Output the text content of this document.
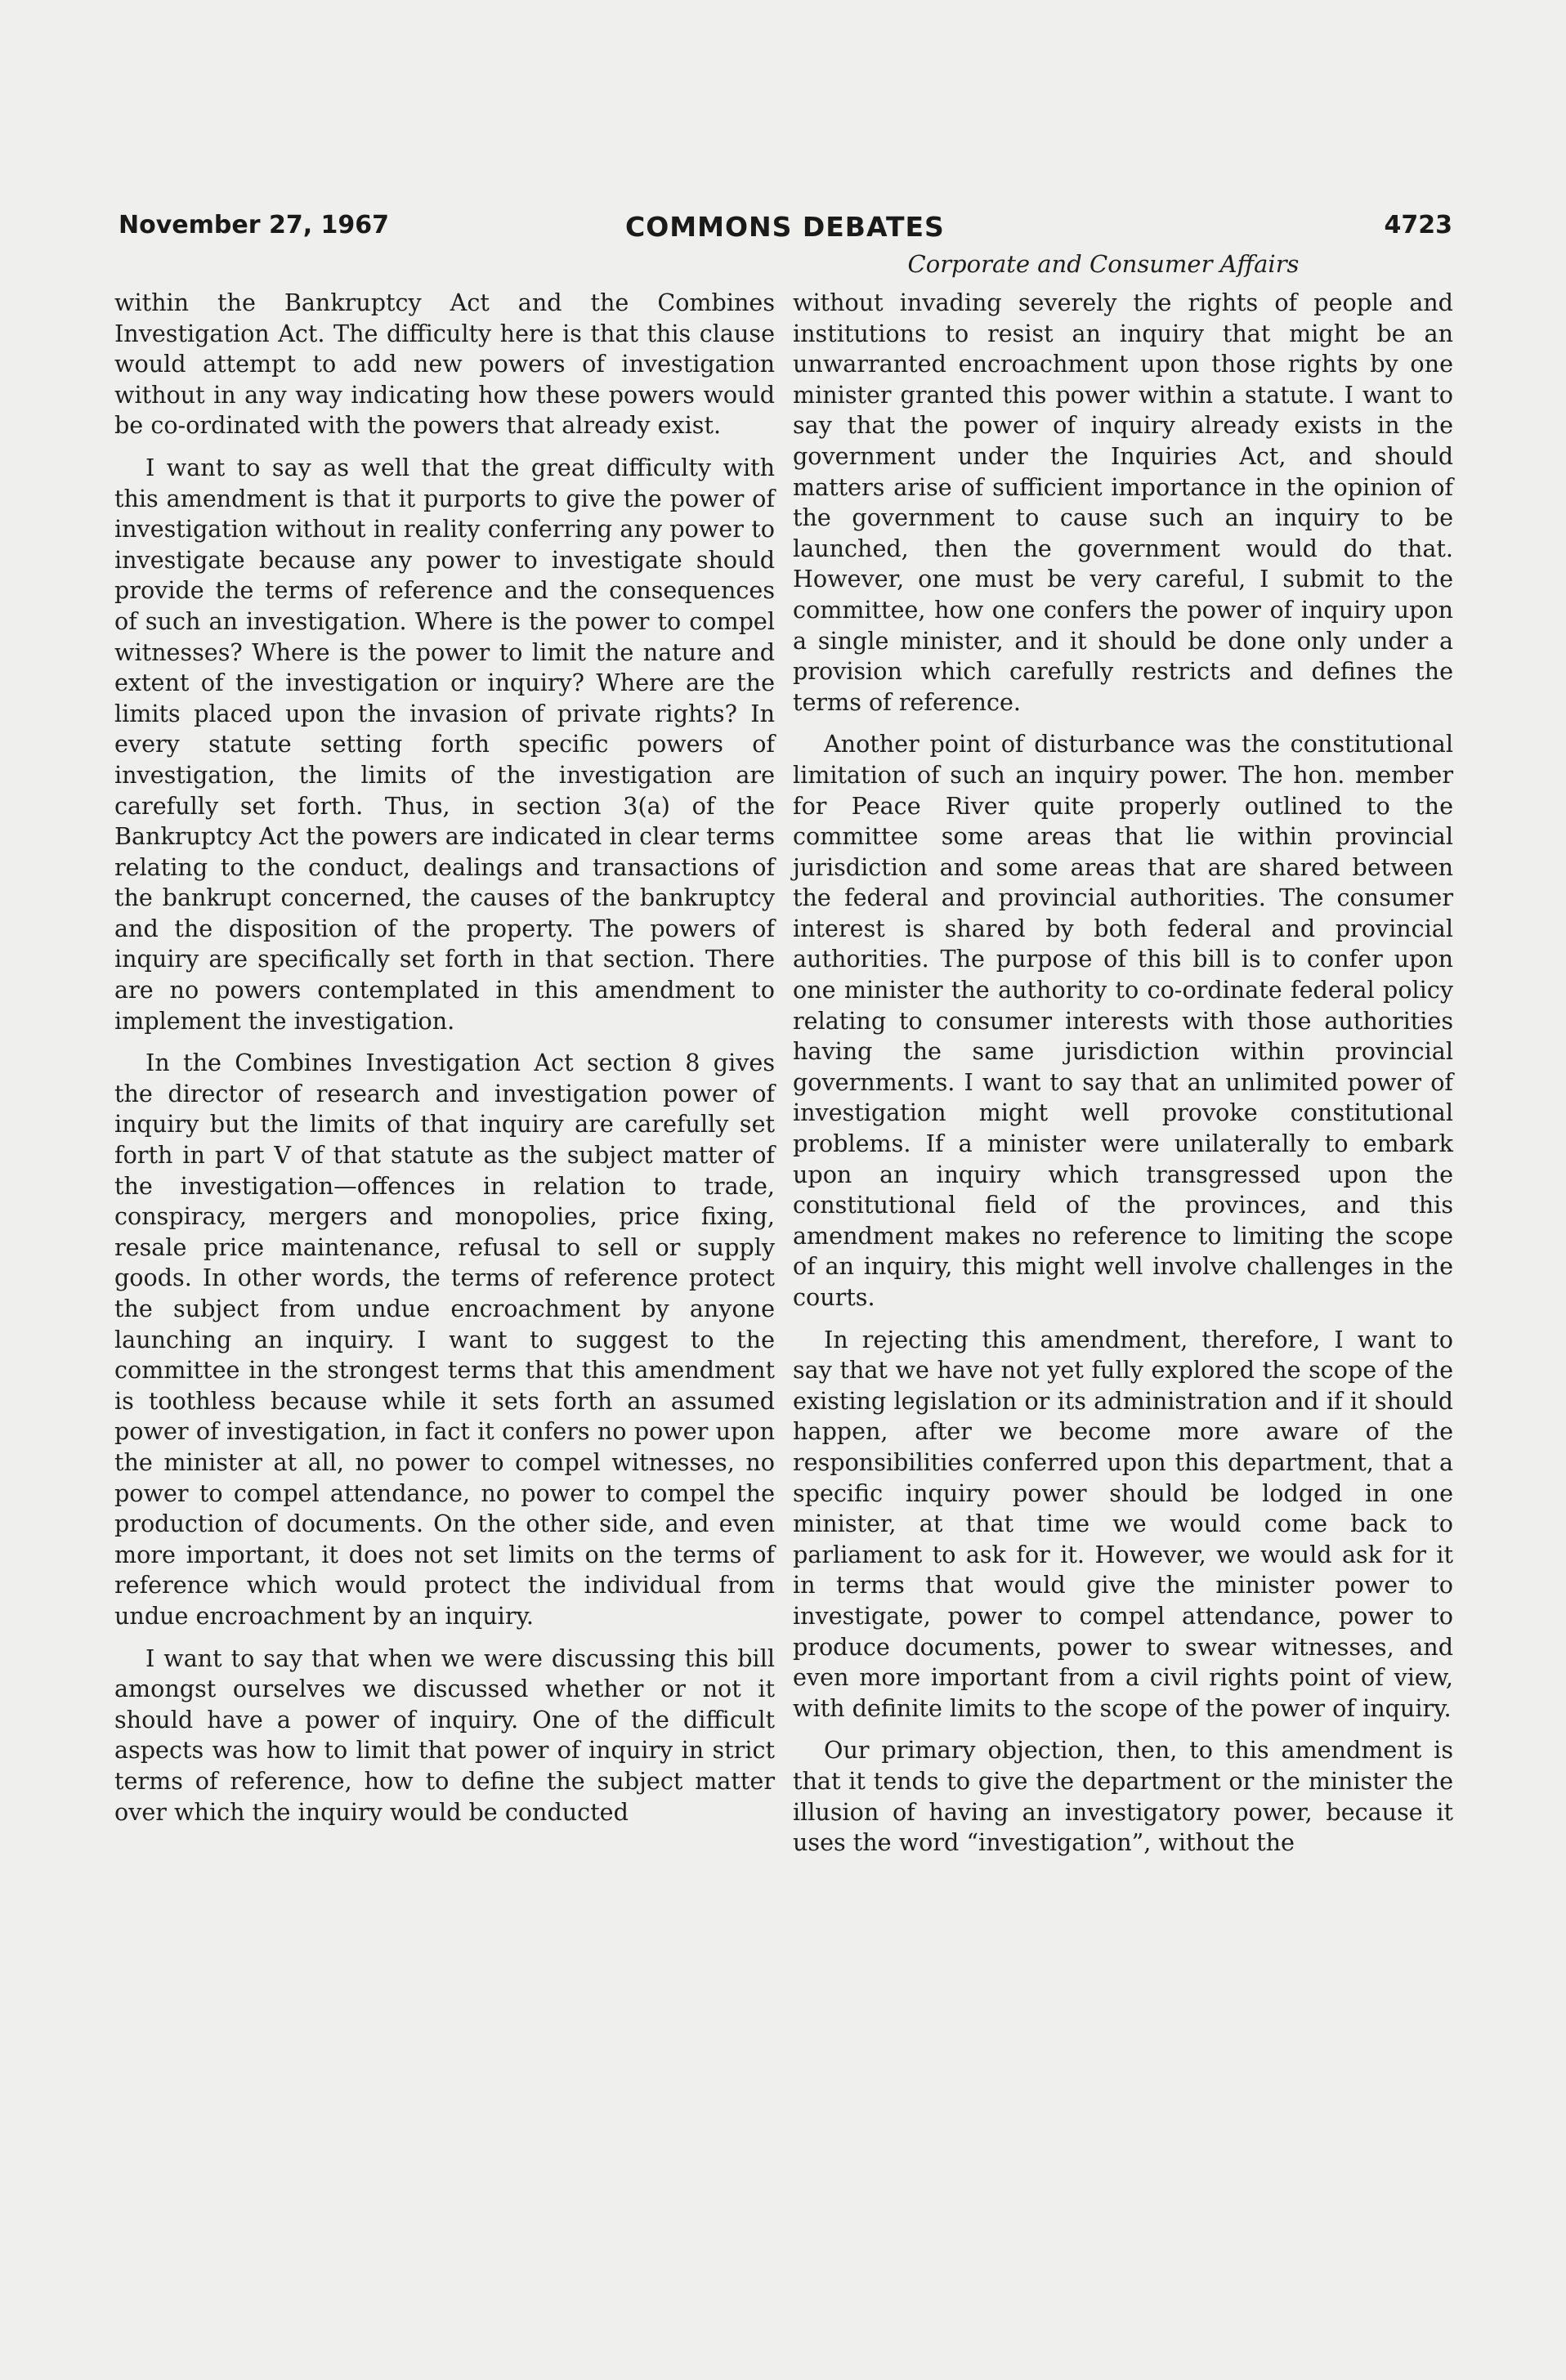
November 27, 1967	COMMONS DEBATES	4723
Corporate and Consumer Affairs

within the Bankruptcy Act and the Combines Investigation Act. The difficulty here is that this clause would attempt to add new powers of investigation without in any way indicating how these powers would be co-ordinated with the powers that already exist.

I want to say as well that the great difficulty with this amendment is that it purports to give the power of investigation without in reality conferring any power to investigate because any power to investigate should provide the terms of reference and the consequences of such an investigation. Where is the power to compel witnesses? Where is the power to limit the nature and extent of the investigation or inquiry? Where are the limits placed upon the invasion of private rights? In every statute setting forth specific powers of investigation, the limits of the investigation are carefully set forth. Thus, in section 3(a) of the Bankruptcy Act the powers are indicated in clear terms relating to the conduct, dealings and transactions of the bankrupt concerned, the causes of the bankruptcy and the disposition of the property. The powers of inquiry are specifically set forth in that section. There are no powers contemplated in this amendment to implement the investigation.

In the Combines Investigation Act section 8 gives the director of research and investigation power of inquiry but the limits of that inquiry are carefully set forth in part V of that statute as the subject matter of the investigation—offences in relation to trade, conspiracy, mergers and monopolies, price fixing, resale price maintenance, refusal to sell or supply goods. In other words, the terms of reference protect the subject from undue encroachment by anyone launching an inquiry. I want to suggest to the committee in the strongest terms that this amendment is toothless because while it sets forth an assumed power of investigation, in fact it confers no power upon the minister at all, no power to compel witnesses, no power to compel attendance, no power to compel the production of documents. On the other side, and even more important, it does not set limits on the terms of reference which would protect the individual from undue encroachment by an inquiry.

I want to say that when we were discussing this bill amongst ourselves we discussed whether or not it should have a power of inquiry. One of the difficult aspects was how to limit that power of inquiry in strict terms of reference, how to define the subject matter over which the inquiry would be conducted

without invading severely the rights of people and institutions to resist an inquiry that might be an unwarranted encroachment upon those rights by one minister granted this power within a statute. I want to say that the power of inquiry already exists in the government under the Inquiries Act, and should matters arise of sufficient importance in the opinion of the government to cause such an inquiry to be launched, then the government would do that. However, one must be very careful, I submit to the committee, how one confers the power of inquiry upon a single minister, and it should be done only under a provision which carefully restricts and defines the terms of reference.

Another point of disturbance was the constitutional limitation of such an inquiry power. The hon. member for Peace River quite properly outlined to the committee some areas that lie within provincial jurisdiction and some areas that are shared between the federal and provincial authorities. The consumer interest is shared by both federal and provincial authorities. The purpose of this bill is to confer upon one minister the authority to co-ordinate federal policy relating to consumer interests with those authorities having the same jurisdiction within provincial governments. I want to say that an unlimited power of investigation might well provoke constitutional problems. If a minister were unilaterally to embark upon an inquiry which transgressed upon the constitutional field of the provinces, and this amendment makes no reference to limiting the scope of an inquiry, this might well involve challenges in the courts.

In rejecting this amendment, therefore, I want to say that we have not yet fully explored the scope of the existing legislation or its administration and if it should happen, after we become more aware of the responsibilities conferred upon this department, that a specific inquiry power should be lodged in one minister, at that time we would come back to parliament to ask for it. However, we would ask for it in terms that would give the minister power to investigate, power to compel attendance, power to produce documents, power to swear witnesses, and even more important from a civil rights point of view, with definite limits to the scope of the power of inquiry.

Our primary objection, then, to this amendment is that it tends to give the department or the minister the illusion of having an investigatory power, because it uses the word “investigation”, without the
